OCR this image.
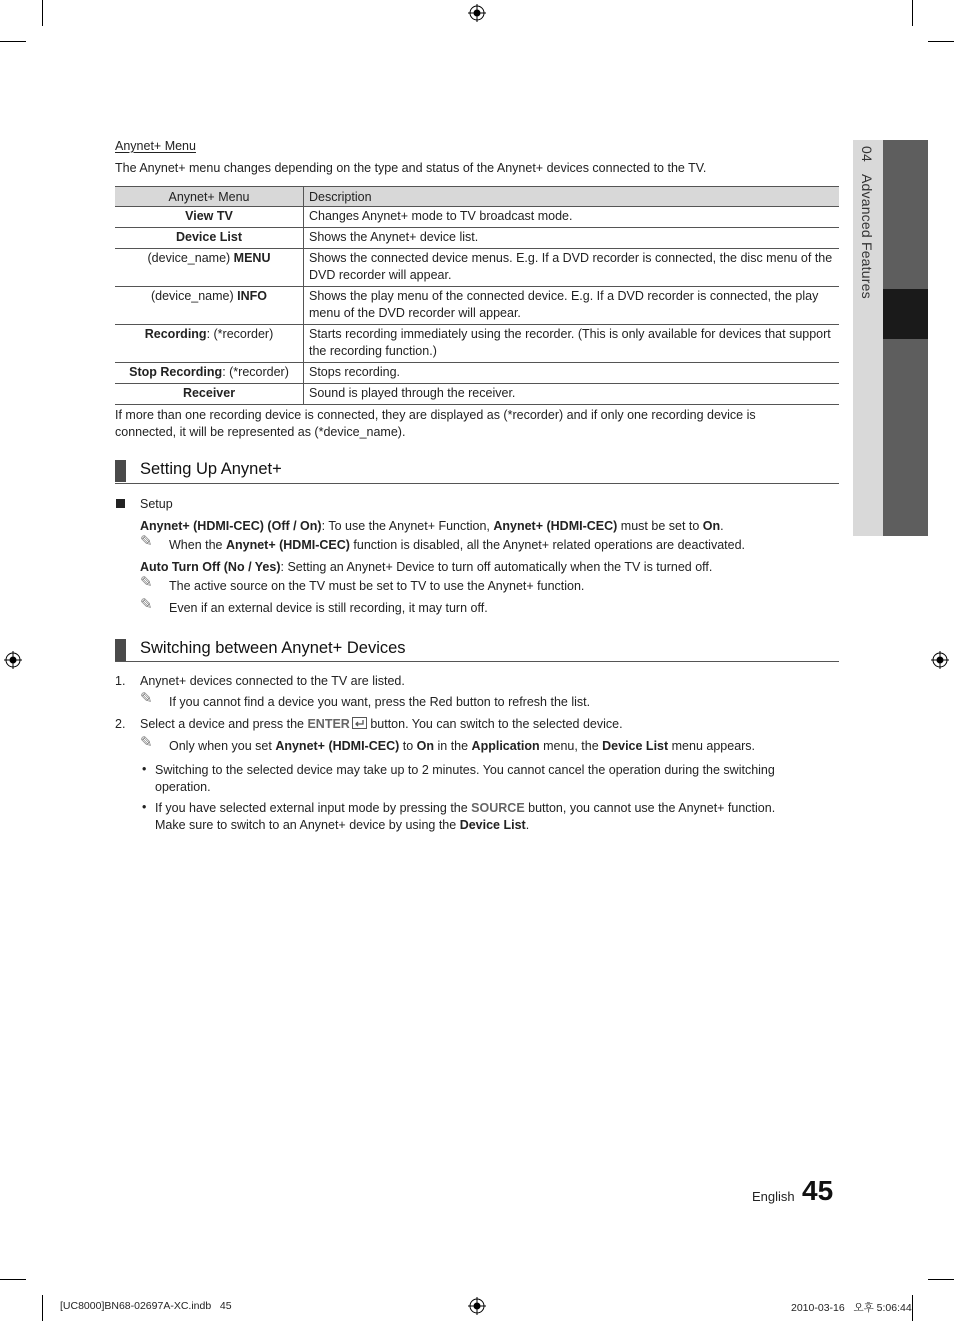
04Advanced Features
Anynet+ Menu
The Anynet+ menu changes depending on the type and status of the Anynet+ devices connected to the TV.
Anynet+ Menu	Description
View TV	Changes Anynet+ mode to TV broadcast mode.
Device List	Shows the Anynet+ device list.
(device_name) MENU	Shows the connected device menus. E.g. If a DVD recorder is connected, the disc menu of the DVD recorder will appear.
(device_name) INFO	Shows the play menu of the connected device. E.g. If a DVD recorder is connected, the play menu of the DVD recorder will appear.
Recording: (*recorder)	Starts recording immediately using the recorder. (This is only available for devices that support the recording function.)
Stop Recording: (*recorder)	Stops recording.
Receiver	Sound is played through the receiver.
If more than one recording device is connected, they are displayed as (*recorder) and if only one recording device is
connected, it will be represented as (*device_name).
Setting Up Anynet+
Setup
Anynet+ (HDMI-CEC) (Off / On): To use the Anynet+ Function, Anynet+ (HDMI-CEC) must be set to On.
✎ When the Anynet+ (HDMI-CEC) function is disabled, all the Anynet+ related operations are deactivated.
Auto Turn Off (No / Yes): Setting an Anynet+ Device to turn off automatically when the TV is turned off.
✎ The active source on the TV must be set to TV to use the Anynet+ function.
✎ Even if an external device is still recording, it may turn off.
Switching between Anynet+ Devices
1. Anynet+ devices connected to the TV are listed.
✎ If you cannot find a device you want, press the Red button to refresh the list.
2. Select a device and press the ENTER button. You can switch to the selected device.
✎ Only when you set Anynet+ (HDMI-CEC) to On in the Application menu, the Device List menu appears.
• Switching to the selected device may take up to 2 minutes. You cannot cancel the operation during the switching
operation.
• If you have selected external input mode by pressing the SOURCE button, you cannot use the Anynet+ function.
Make sure to switch to an Anynet+ device by using the Device List.
English 45
[UC8000]BN68-02697A-XC.indb   45	2010-03-16   오후 5:06:44
